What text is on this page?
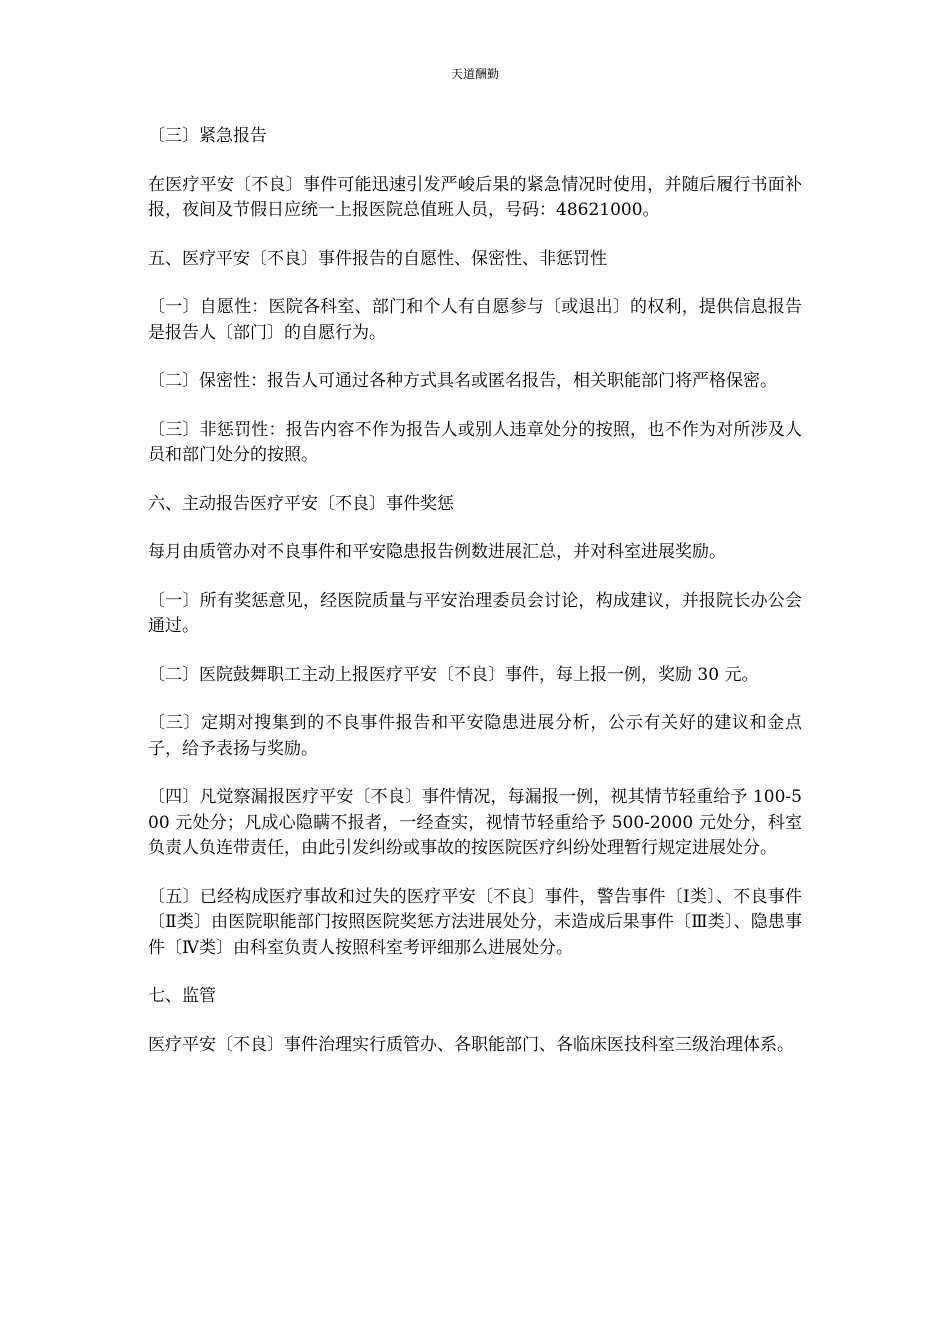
天道酬勤

〔三〕紧急报告

在医疗平安〔不良〕事件可能迅速引发严峻后果的紧急情况时使用，并随后履行书面补报，夜间及节假日应统一上报医院总值班人员，号码：48621000。

五、医疗平安〔不良〕事件报告的自愿性、保密性、非惩罚性

〔一〕自愿性：医院各科室、部门和个人有自愿参与〔或退出〕的权利，提供信息报告是报告人〔部门〕的自愿行为。

〔二〕保密性：报告人可通过各种方式具名或匿名报告，相关职能部门将严格保密。

〔三〕非惩罚性：报告内容不作为报告人或别人违章处分的按照，也不作为对所涉及人员和部门处分的按照。

六、主动报告医疗平安〔不良〕事件奖惩

每月由质管办对不良事件和平安隐患报告例数进展汇总，并对科室进展奖励。

〔一〕所有奖惩意见，经医院质量与平安治理委员会讨论，构成建议，并报院长办公会通过。

〔二〕医院鼓舞职工主动上报医疗平安〔不良〕事件，每上报一例，奖励 30 元。

〔三〕定期对搜集到的不良事件报告和平安隐患进展分析，公示有关好的建议和金点子，给予表扬与奖励。

〔四〕凡觉察漏报医疗平安〔不良〕事件情况，每漏报一例，视其情节轻重给予 100-500 元处分；凡成心隐瞒不报者，一经查实，视情节轻重给予 500-2000 元处分，科室负责人负连带责任，由此引发纠纷或事故的按医院医疗纠纷处理暂行规定进展处分。

〔五〕已经构成医疗事故和过失的医疗平安〔不良〕事件，警告事件〔Ⅰ类〕、不良事件〔Ⅱ类〕由医院职能部门按照医院奖惩方法进展处分，未造成后果事件〔Ⅲ类〕、隐患事件〔Ⅳ类〕由科室负责人按照科室考评细那么进展处分。

七、监管

医疗平安〔不良〕事件治理实行质管办、各职能部门、各临床医技科室三级治理体系。
